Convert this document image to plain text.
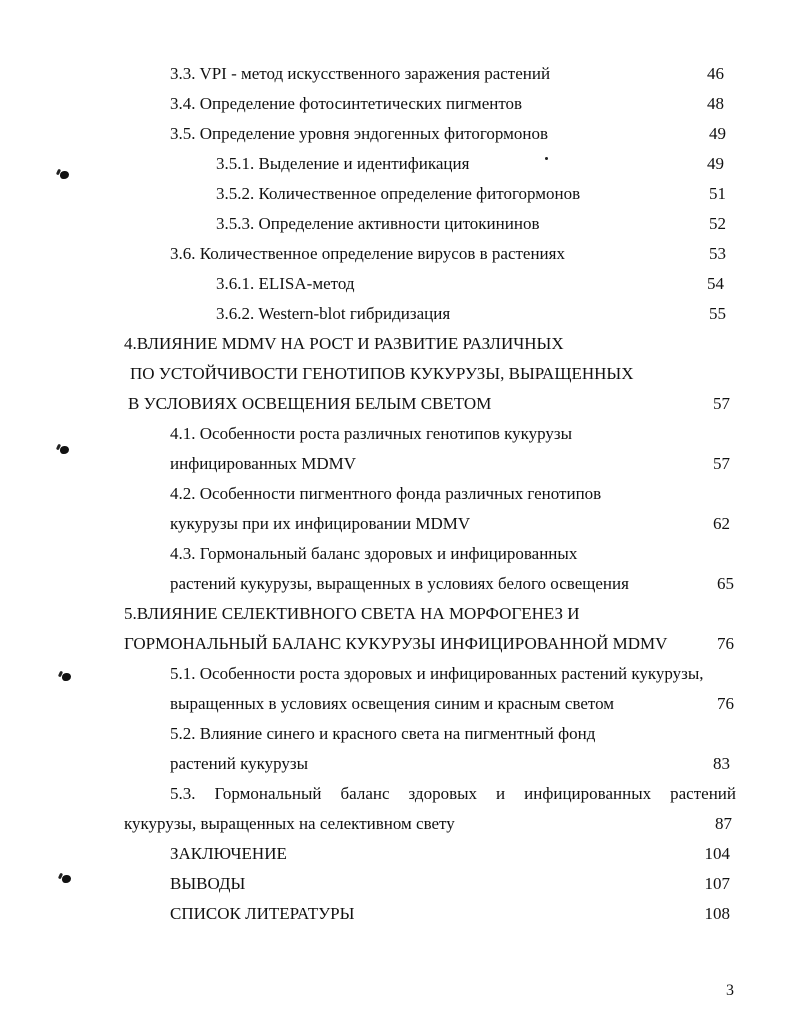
3.3. VPI - метод искусственного заражения растений	46
3.4. Определение фотосинтетических пигментов	48
3.5. Определение уровня эндогенных фитогормонов	49
3.5.1. Выделение и идентификация	49
3.5.2. Количественное определение фитогормонов	51
3.5.3. Определение активности цитокининов	52
3.6. Количественное определение вирусов в растениях	53
3.6.1. ELISA-метод	54
3.6.2. Western-blot гибридизация	55
4.ВЛИЯНИЕ MDMV НА РОСТ И РАЗВИТИЕ РАЗЛИЧНЫХ
ПО УСТОЙЧИВОСТИ ГЕНОТИПОВ КУКУРУЗЫ, ВЫРАЩЕННЫХ
В УСЛОВИЯХ ОСВЕЩЕНИЯ БЕЛЫМ СВЕТОМ	57
4.1. Особенности роста различных генотипов кукурузы
инфицированных MDMV	57
4.2. Особенности пигментного фонда различных генотипов
кукурузы при их инфицировании MDMV	62
4.3. Гормональный баланс здоровых и инфицированных
растений кукурузы, выращенных в условиях белого освещения	65
5.ВЛИЯНИЕ СЕЛЕКТИВНОГО СВЕТА НА МОРФОГЕНЕЗ И
ГОРМОНАЛЬНЫЙ БАЛАНС КУКУРУЗЫ ИНФИЦИРОВАННОЙ MDMV	76
5.1. Особенности роста здоровых и инфицированных растений кукурузы,
выращенных в условиях освещения синим и красным светом	76
5.2. Влияние синего и красного света на пигментный фонд
растений кукурузы	83
5.3. Гормональный баланс здоровых и инфицированных растений
кукурузы, выращенных на селективном свету	87
ЗАКЛЮЧЕНИЕ	104
ВЫВОДЫ	107
СПИСОК ЛИТЕРАТУРЫ	108
3
